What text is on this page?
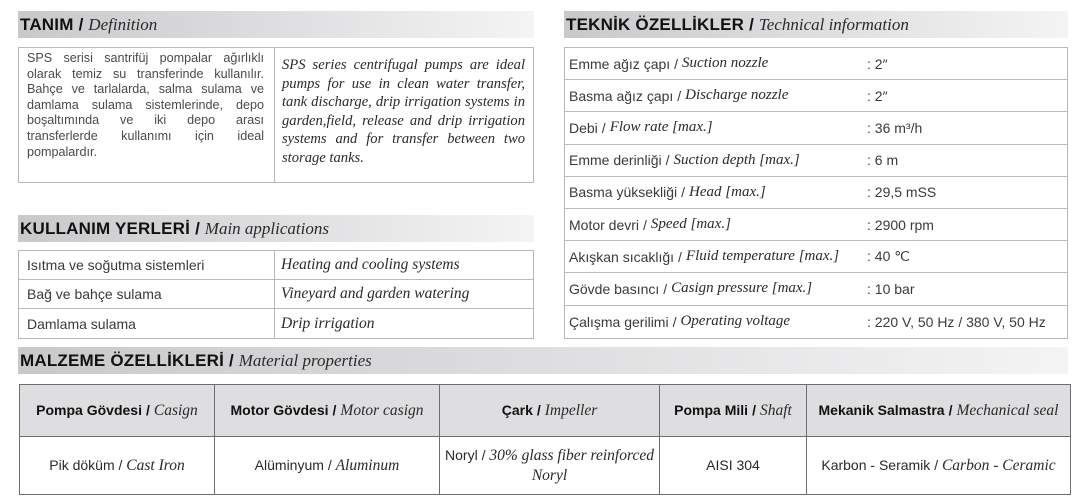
TANIM / Definition
SPS serisi santrifüj pompalar ağırlıklı olarak temiz su transferinde kullanılır. Bahçe ve tarlalarda, salma sulama ve damlama sulama sistemlerinde, depo boşaltımında ve iki depo arası transferlerde kullanımı için ideal pompalardır.
SPS series centrifugal pumps are ideal pumps for use in clean water transfer, tank discharge, drip irrigation systems in garden,field, release and drip irrigation systems and for transfer between two storage tanks.
KULLANIM YERLERİ / Main applications
Isıtma ve soğutma sistemleri	Heating and cooling systems
Bağ ve bahçe sulama	Vineyard and garden watering
Damlama sulama	Drip irrigation
TEKNİK ÖZELLİKLER / Technical information
Emme ağız çapı / Suction nozzle	: 2″
Basma ağız çapı / Discharge nozzle	: 2″
Debi / Flow rate [max.]	: 36 m³/h
Emme derinliği / Suction depth [max.]	: 6 m
Basma yüksekliği / Head [max.]	: 29,5 mSS
Motor devri / Speed [max.]	: 2900 rpm
Akışkan sıcaklığı / Fluid temperature [max.] : 40 ℃
Gövde basıncı / Casign pressure [max.]	: 10 bar
Çalışma gerilimi / Operating voltage	: 220 V, 50 Hz / 380 V, 50 Hz
MALZEME ÖZELLİKLERİ / Material properties
Pompa Gövdesi / Casign	Motor Gövdesi / Motor casign	Çark / Impeller	Pompa Mili / Shaft	Mekanik Salmastra / Mechanical seal

Pik döküm / Cast Iron	Alüminyum / Aluminum	Noryl / 30% glass fiber reinforced Noryl	AISI 304	Karbon - Seramik / Carbon - Ceramic
